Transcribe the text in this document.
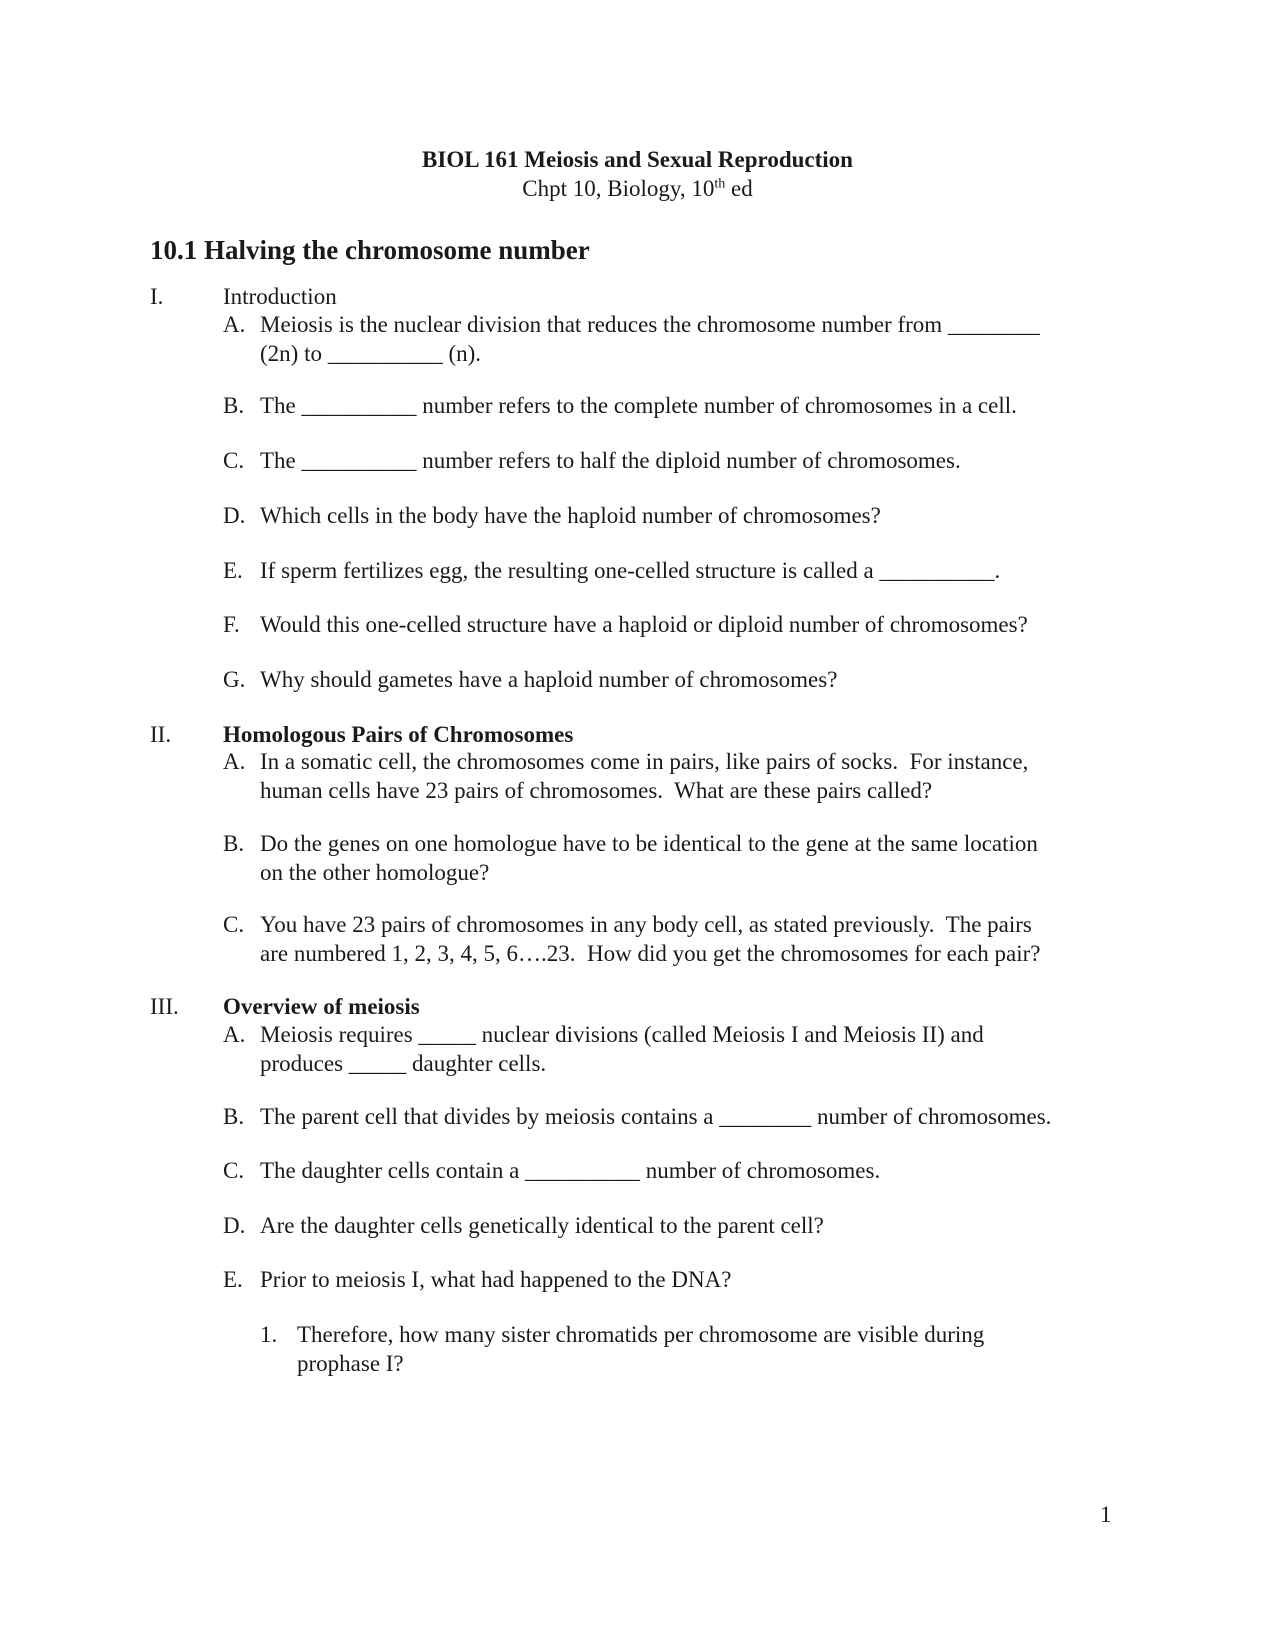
BIOL 161 Meiosis and Sexual Reproduction
Chpt 10, Biology, 10th ed
10.1 Halving the chromosome number
I.	Introduction
A. Meiosis is the nuclear division that reduces the chromosome number from ________
(2n) to __________ (n).
B. The __________ number refers to the complete number of chromosomes in a cell.
C. The __________ number refers to half the diploid number of chromosomes.
D. Which cells in the body have the haploid number of chromosomes?
E. If sperm fertilizes egg, the resulting one-celled structure is called a __________.
F. Would this one-celled structure have a haploid or diploid number of chromosomes?
G. Why should gametes have a haploid number of chromosomes?
II. Homologous Pairs of Chromosomes
A. In a somatic cell, the chromosomes come in pairs, like pairs of socks.  For instance,
human cells have 23 pairs of chromosomes.  What are these pairs called?
B. Do the genes on one homologue have to be identical to the gene at the same location
on the other homologue?
C. You have 23 pairs of chromosomes in any body cell, as stated previously.  The pairs
are numbered 1, 2, 3, 4, 5, 6….23.  How did you get the chromosomes for each pair?
III. Overview of meiosis
A. Meiosis requires _____ nuclear divisions (called Meiosis I and Meiosis II) and
produces _____ daughter cells.
B. The parent cell that divides by meiosis contains a ________ number of chromosomes.
C. The daughter cells contain a __________ number of chromosomes.
D. Are the daughter cells genetically identical to the parent cell?
E. Prior to meiosis I, what had happened to the DNA?
1. Therefore, how many sister chromatids per chromosome are visible during
prophase I?
1
